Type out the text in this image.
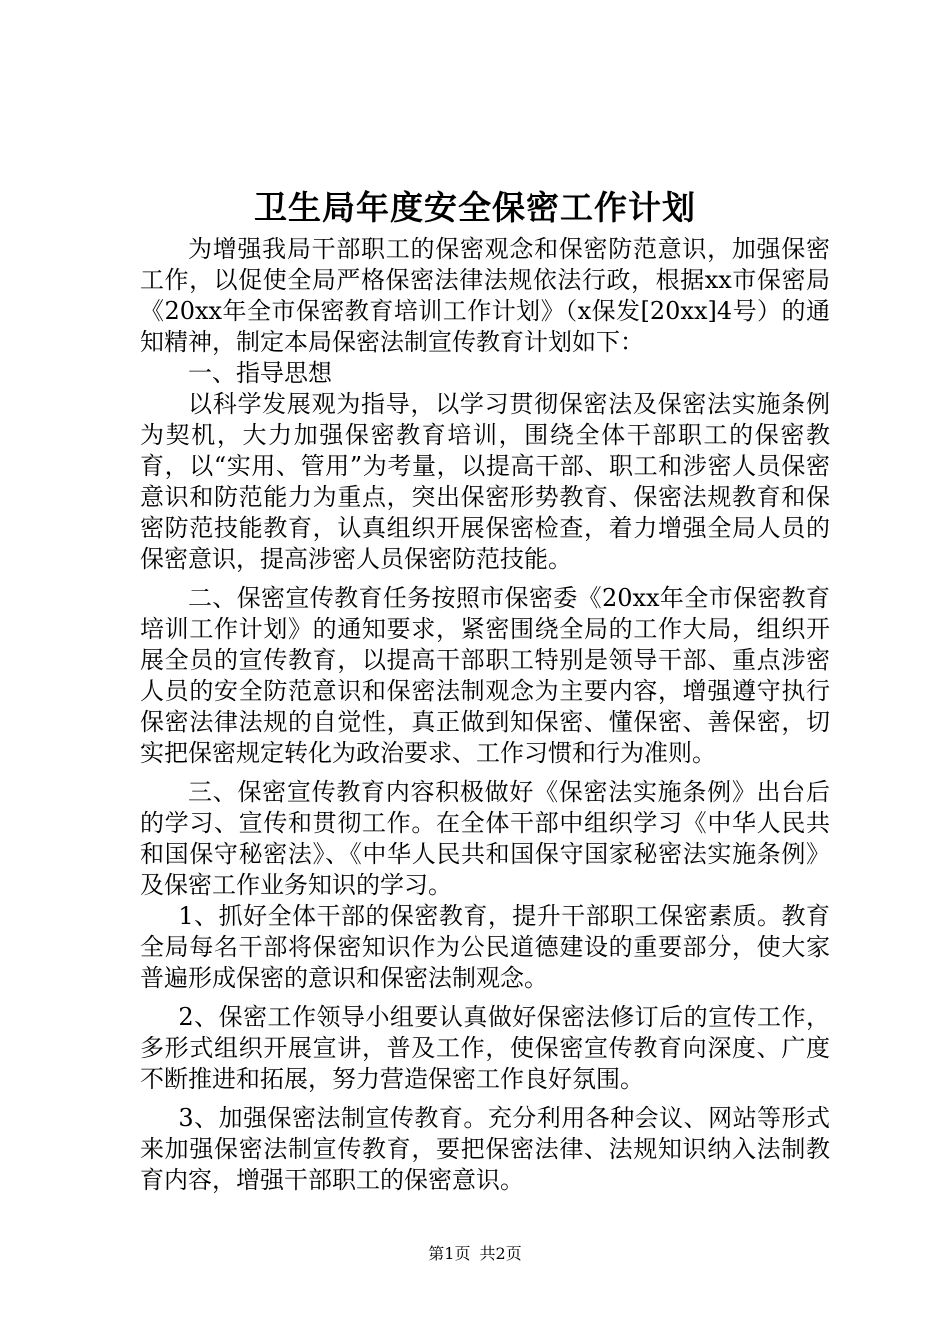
卫生局年度安全保密工作计划

为增强我局干部职工的保密观念和保密防范意识，加强保密工作，以促使全局严格保密法律法规依法行政，根据xx市保密局《20xx年全市保密教育培训工作计划》（x保发[20xx]4号）的通知精神，制定本局保密法制宣传教育计划如下：

一、指导思想

以科学发展观为指导，以学习贯彻保密法及保密法实施条例为契机，大力加强保密教育培训，围绕全体干部职工的保密教育，以“实用、管用”为考量，以提高干部、职工和涉密人员保密意识和防范能力为重点，突出保密形势教育、保密法规教育和保密防范技能教育，认真组织开展保密检查，着力增强全局人员的保密意识，提高涉密人员保密防范技能。

二、保密宣传教育任务按照市保密委《20xx年全市保密教育培训工作计划》的通知要求，紧密围绕全局的工作大局，组织开展全员的宣传教育，以提高干部职工特别是领导干部、重点涉密人员的安全防范意识和保密法制观念为主要内容，增强遵守执行保密法律法规的自觉性，真正做到知保密、懂保密、善保密，切实把保密规定转化为政治要求、工作习惯和行为准则。

三、保密宣传教育内容积极做好《保密法实施条例》出台后的学习、宣传和贯彻工作。在全体干部中组织学习《中华人民共和国保守秘密法》、《中华人民共和国保守国家秘密法实施条例》及保密工作业务知识的学习。

1、抓好全体干部的保密教育，提升干部职工保密素质。教育全局每名干部将保密知识作为公民道德建设的重要部分，使大家普遍形成保密的意识和保密法制观念。

2、保密工作领导小组要认真做好保密法修订后的宣传工作，多形式组织开展宣讲，普及工作，使保密宣传教育向深度、广度不断推进和拓展，努力营造保密工作良好氛围。

3、加强保密法制宣传教育。充分利用各种会议、网站等形式来加强保密法制宣传教育，要把保密法律、法规知识纳入法制教育内容，增强干部职工的保密意识。

第1页 共2页
